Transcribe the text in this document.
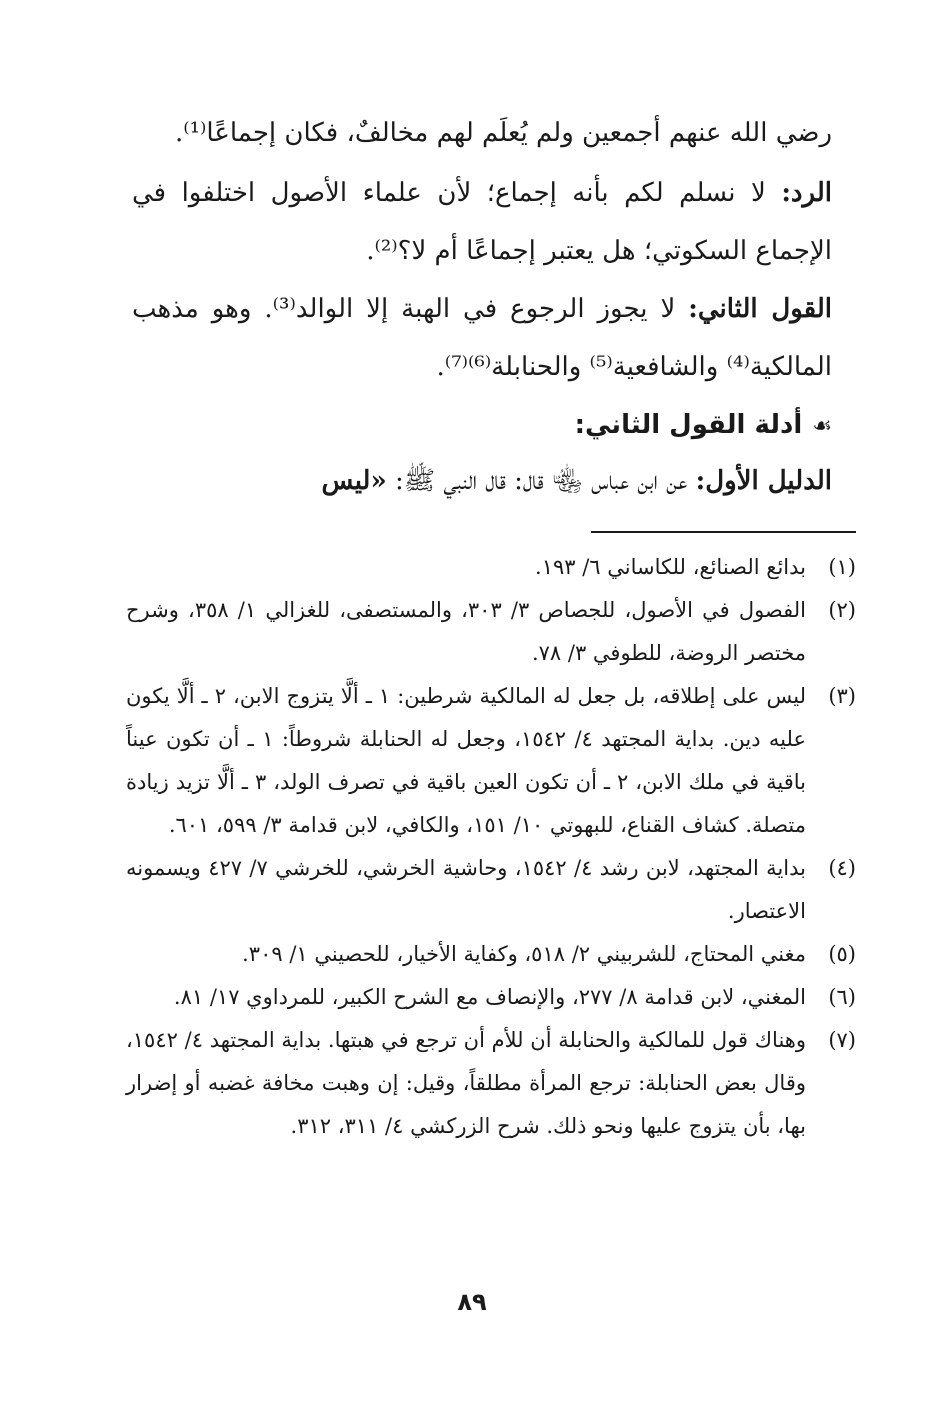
رضي الله عنهم أجمعين ولم يُعلَم لهم مخالفٌ، فكان إجماعًا⁽¹⁾.

الرد: لا نسلم لكم بأنه إجماع؛ لأن علماء الأصول اختلفوا في الإجماع السكوتي؛ هل يعتبر إجماعًا أم لا؟⁽²⁾.

القول الثاني: لا يجوز الرجوع في الهبة إلا الوالد⁽³⁾. وهو مذهب المالكية⁽⁴⁾ والشافعية⁽⁵⁾ والحنابلة⁽⁶⁾⁽⁷⁾.

☙أدلة القول الثاني:

الدليل الأول: عن ابن عباس ﵄ قال: قال النبي ﷺ: «ليس

(١)
بدائع الصنائع، للكاساني ٦/ ١٩٣.
(٢)
الفصول في الأصول، للجصاص ٣/ ٣٠٣، والمستصفى، للغزالي ١/ ٣٥٨، وشرح مختصر الروضة، للطوفي ٣/ ٧٨.
(٣)
ليس على إطلاقه، بل جعل له المالكية شرطين: ١ ـ ألَّا يتزوج الابن، ٢ ـ ألَّا يكون عليه دين. بداية المجتهد ٤/ ١٥٤٢، وجعل له الحنابلة شروطاً: ١ ـ أن تكون عيناً باقية في ملك الابن، ٢ ـ أن تكون العين باقية في تصرف الولد، ٣ ـ ألَّا تزيد زيادة متصلة. كشاف القناع، للبهوتي ١٠/ ١٥١، والكافي، لابن قدامة ٣/ ٥٩٩، ٦٠١.
(٤)
بداية المجتهد، لابن رشد ٤/ ١٥٤٢، وحاشية الخرشي، للخرشي ٧/ ٤٢٧ ويسمونه الاعتصار.
(٥)
مغني المحتاج، للشربيني ٢/ ٥١٨، وكفاية الأخيار، للحصيني ١/ ٣٠٩.
(٦)
المغني، لابن قدامة ٨/ ٢٧٧، والإنصاف مع الشرح الكبير، للمرداوي ١٧/ ٨١.
(٧)
وهناك قول للمالكية والحنابلة أن للأم أن ترجع في هبتها. بداية المجتهد ٤/ ١٥٤٢، وقال بعض الحنابلة: ترجع المرأة مطلقاً، وقيل: إن وهبت مخافة غضبه أو إضرار بها، بأن يتزوج عليها ونحو ذلك. شرح الزركشي ٤/ ٣١١، ٣١٢.
٨٩
